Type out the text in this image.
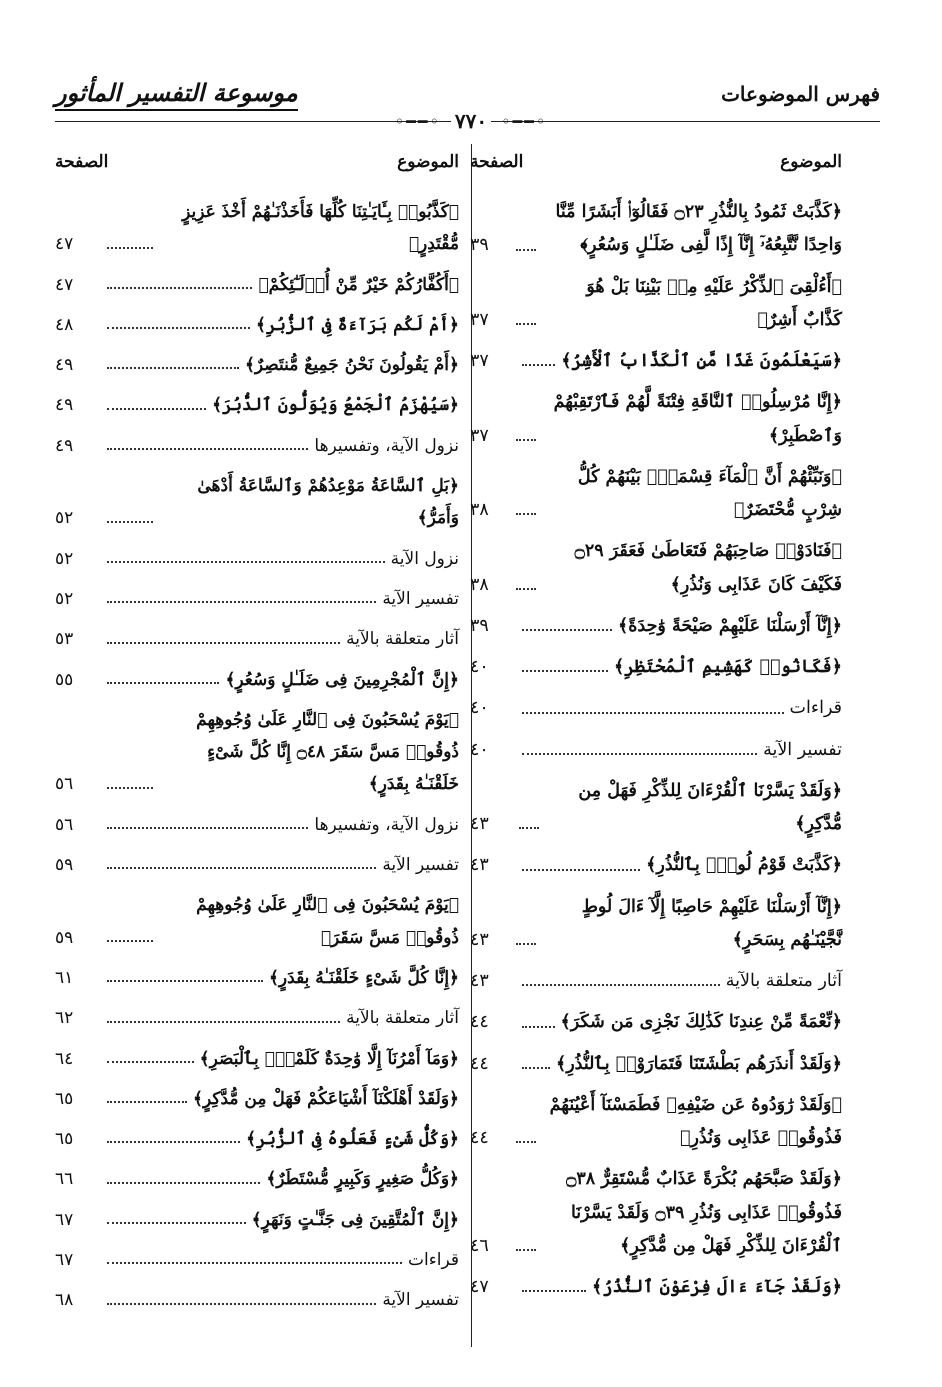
فهرس الموضوعات
موسوعة التفسير المأثور
◦━━◦ ٧٧٠ ◦━━◦
الموضوع
الصفحة
﴿كَذَّبَتْ ثَمُودُ بِالنُّذُرِ ۝٢٣ فَقَالُوٓا۟ أَبَشَرًا مِّنَّا وَاحِدًا نَّتَّبِعُهُۥٓ إِنَّآ إِذًا لَّفِى ضَلَـٰلٍ وَسُعُرٍ﴾
٣٩
﴿أَءُلْقِىَ ٱلذِّكْرُ عَلَيْهِ مِنۢ بَيْنِنَا بَلْ هُوَ كَذَّابٌ أَشِرٌ﴾
٣٧
﴿سَيَعْلَمُونَ غَدًا مَّنِ ٱلْكَذَّابُ ٱلْأَشِرُ﴾
٣٧
﴿إِنَّا مُرْسِلُوا۟ ٱلنَّاقَةِ فِتْنَةً لَّهُمْ فَٱرْتَقِبْهُمْ وَٱصْطَبِرْ﴾
٣٧
﴿وَنَبِّئْهُمْ أَنَّ ٱلْمَآءَ قِسْمَةٌۢ بَيْنَهُمْ كُلُّ شِرْبٍ مُّحْتَضَرٌ﴾
٣٨
﴿فَنَادَوْا۟ صَاحِبَهُمْ فَتَعَاطَىٰ فَعَقَرَ ۝٢٩ فَكَيْفَ كَانَ عَذَابِى وَنُذُرِ﴾
٣٨
﴿إِنَّآ أَرْسَلْنَا عَلَيْهِمْ صَيْحَةً وَٰحِدَةً﴾
٣٩
﴿فَكَانُوا۟ كَهَشِيمِ ٱلْمُحْتَظِرِ﴾
٤٠
قراءات
٤٠
تفسير الآية
٤٠
﴿وَلَقَدْ يَسَّرْنَا ٱلْقُرْءَانَ لِلذِّكْرِ فَهَلْ مِن مُّدَّكِرٍ﴾
٤٣
﴿كَذَّبَتْ قَوْمُ لُوطٍۭ بِٱلنُّذُرِ﴾
٤٣
﴿إِنَّآ أَرْسَلْنَا عَلَيْهِمْ حَاصِبًا إِلَّآ ءَالَ لُوطٍ نَّجَّيْنَـٰهُم بِسَحَرٍ﴾
٤٣
آثار متعلقة بالآية
٤٣
﴿نِّعْمَةً مِّنْ عِندِنَا كَذَٰلِكَ نَجْزِى مَن شَكَرَ﴾
٤٤
﴿وَلَقَدْ أَنذَرَهُم بَطْشَتَنَا فَتَمَارَوْا۟ بِٱلنُّذُرِ﴾
٤٤
﴿وَلَقَدْ رَٰوَدُوهُ عَن ضَيْفِهِۦ فَطَمَسْنَآ أَعْيُنَهُمْ فَذُوقُوا۟ عَذَابِى وَنُذُرِ﴾
٤٤
﴿وَلَقَدْ صَبَّحَهُم بُكْرَةً عَذَابٌ مُّسْتَقِرٌّ ۝٣٨ فَذُوقُوا۟ عَذَابِى وَنُذُرِ ۝٣٩ وَلَقَدْ يَسَّرْنَا ٱلْقُرْءَانَ لِلذِّكْرِ فَهَلْ مِن مُّدَّكِرٍ﴾
٤٦
﴿وَلَقَدْ جَآءَ ءَالَ فِرْعَوْنَ ٱلنُّذُرُ﴾
٤٧
الموضوع
الصفحة
﴿كَذَّبُوا۟ بِـَٔايَـٰتِنَا كُلِّهَا فَأَخَذْنَـٰهُمْ أَخْذَ عَزِيزٍ مُّقْتَدِرٍ﴾
٤٧
﴿أَكُفَّارُكُمْ خَيْرٌ مِّنْ أُو۟لَـٰٓئِكُمْ﴾
٤٧
﴿أَمْ لَكُم بَرَآءَةٌ فِى ٱلزُّبُرِ﴾
٤٨
﴿أَمْ يَقُولُونَ نَحْنُ جَمِيعٌ مُّنتَصِرٌ﴾
٤٩
﴿سَيُهْزَمُ ٱلْجَمْعُ وَيُوَلُّونَ ٱلدُّبُرَ﴾
٤٩
نزول الآية، وتفسيرها
٤٩
﴿بَلِ ٱلسَّاعَةُ مَوْعِدُهُمْ وَٱلسَّاعَةُ أَدْهَىٰ وَأَمَرُّ﴾
٥٢
نزول الآية
٥٢
تفسير الآية
٥٢
آثار متعلقة بالآية
٥٣
﴿إِنَّ ٱلْمُجْرِمِينَ فِى ضَلَـٰلٍ وَسُعُرٍ﴾
٥٥
﴿يَوْمَ يُسْحَبُونَ فِى ٱلنَّارِ عَلَىٰ وُجُوهِهِمْ ذُوقُوا۟ مَسَّ سَقَرَ ۝٤٨ إِنَّا كُلَّ شَىْءٍ خَلَقْنَـٰهُ بِقَدَرٍ﴾
٥٦
نزول الآية، وتفسيرها
٥٦
تفسير الآية
٥٩
﴿يَوْمَ يُسْحَبُونَ فِى ٱلنَّارِ عَلَىٰ وُجُوهِهِمْ ذُوقُوا۟ مَسَّ سَقَرَ﴾
٥٩
﴿إِنَّا كُلَّ شَىْءٍ خَلَقْنَـٰهُ بِقَدَرٍ﴾
٦١
آثار متعلقة بالآية
٦٢
﴿وَمَآ أَمْرُنَآ إِلَّا وَٰحِدَةٌ كَلَمْحٍۭ بِٱلْبَصَرِ﴾
٦٤
﴿وَلَقَدْ أَهْلَكْنَآ أَشْيَاعَكُمْ فَهَلْ مِن مُّدَّكِرٍ﴾
٦٥
﴿وَكُلُّ شَىْءٍ فَعَلُوهُ فِى ٱلزُّبُرِ﴾
٦٥
﴿وَكُلُّ صَغِيرٍ وَكَبِيرٍ مُّسْتَطَرٌ﴾
٦٦
﴿إِنَّ ٱلْمُتَّقِينَ فِى جَنَّـٰتٍ وَنَهَرٍ﴾
٦٧
قراءات
٦٧
تفسير الآية
٦٨
